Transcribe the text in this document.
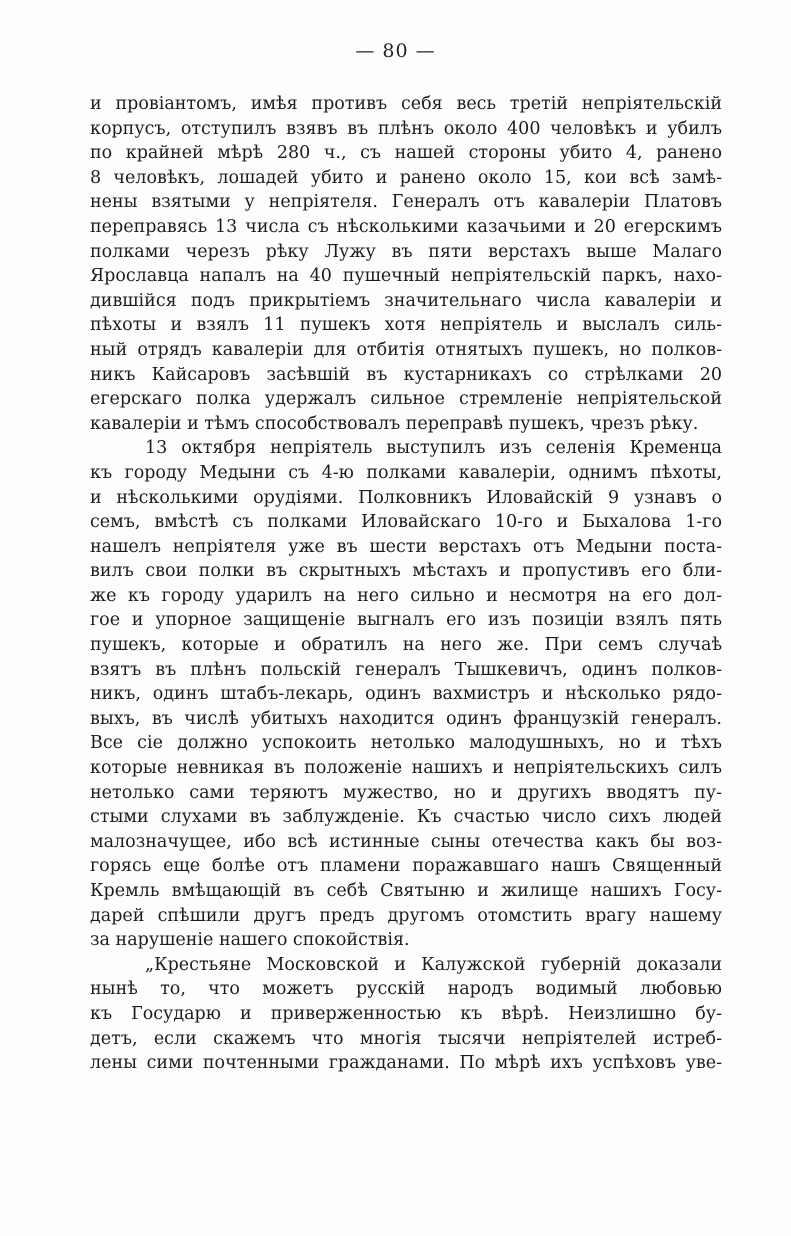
— 80 —
и провіантомъ, имѣя противъ себя весь третій непріятельскій
корпусъ, отступилъ взявъ въ плѣнъ около 400 человѣкъ и убилъ
по крайней мѣрѣ 280 ч., съ нашей стороны убито 4, ранено
8 человѣкъ, лошадей убито и ранено около 15, кои всѣ замѣ-
нены взятыми у непріятеля. Генералъ отъ кавалеріи Платовъ
переправясь 13 числа съ нѣсколькими казачьими и 20 егерскимъ
полками черезъ рѣку Лужу въ пяти верстахъ выше Малаго
Ярославца напалъ на 40 пушечный непріятельскій паркъ, нахо-
дившійся подъ прикрытіемъ значительнаго числа кавалеріи и
пѣхоты и взялъ 11 пушекъ хотя непріятель и выслалъ силь-
ный отрядъ кавалеріи для отбитія отнятыхъ пушекъ, но полков-
никъ Кайсаровъ засѣвшій въ кустарникахъ со стрѣлками 20
егерскаго полка удержалъ сильное стремленіе непріятельской
кавалеріи и тѣмъ способствовалъ переправѣ пушекъ, чрезъ рѣку.
13 октября непріятель выступилъ изъ селенія Кременца
къ городу Медыни съ 4-ю полками кавалеріи, однимъ пѣхоты,
и нѣсколькими орудіями. Полковникъ Иловайскій 9 узнавъ о
семъ, вмѣстѣ съ полками Иловайскаго 10-го и Быхалова 1-го
нашелъ непріятеля уже въ шести верстахъ отъ Медыни поста-
вилъ свои полки въ скрытныхъ мѣстахъ и пропустивъ его бли-
же къ городу ударилъ на него сильно и несмотря на его дол-
гое и упорное защищеніе выгналъ его изъ позиціи взялъ пять
пушекъ, которые и обратилъ на него же. При семъ случаѣ
взятъ въ плѣнъ польскій генералъ Тышкевичъ, одинъ полков-
никъ, одинъ штабъ-лекарь, одинъ вахмистръ и нѣсколько рядо-
выхъ, въ числѣ убитыхъ находится одинъ французкій генералъ.
Все сіе должно успокоить нетолько малодушныхъ, но и тѣхъ
которые невникая въ положеніе нашихъ и непріятельскихъ силъ
нетолько сами теряютъ мужество, но и другихъ вводятъ пу-
стыми слухами въ заблужденіе. Къ счастью число сихъ людей
малозначущее, ибо всѣ истинные сыны отечества какъ бы воз-
горясь еще болѣе отъ пламени поражавшаго нашъ Священный
Кремль вмѣщающій въ себѣ Святыню и жилище нашихъ Госу-
дарей спѣшили другъ предъ другомъ отомстить врагу нашему
за нарушеніе нашего спокойствія.
„Крестьяне Московской и Калужской губерній доказали
нынѣ то, что можетъ русскій народъ водимый любовью
къ Государю и приверженностью къ вѣрѣ. Неизлишно бу-
детъ, если скажемъ что многія тысячи непріятелей истреб-
лены сими почтенными гражданами. По мѣрѣ ихъ успѣховъ уве-
